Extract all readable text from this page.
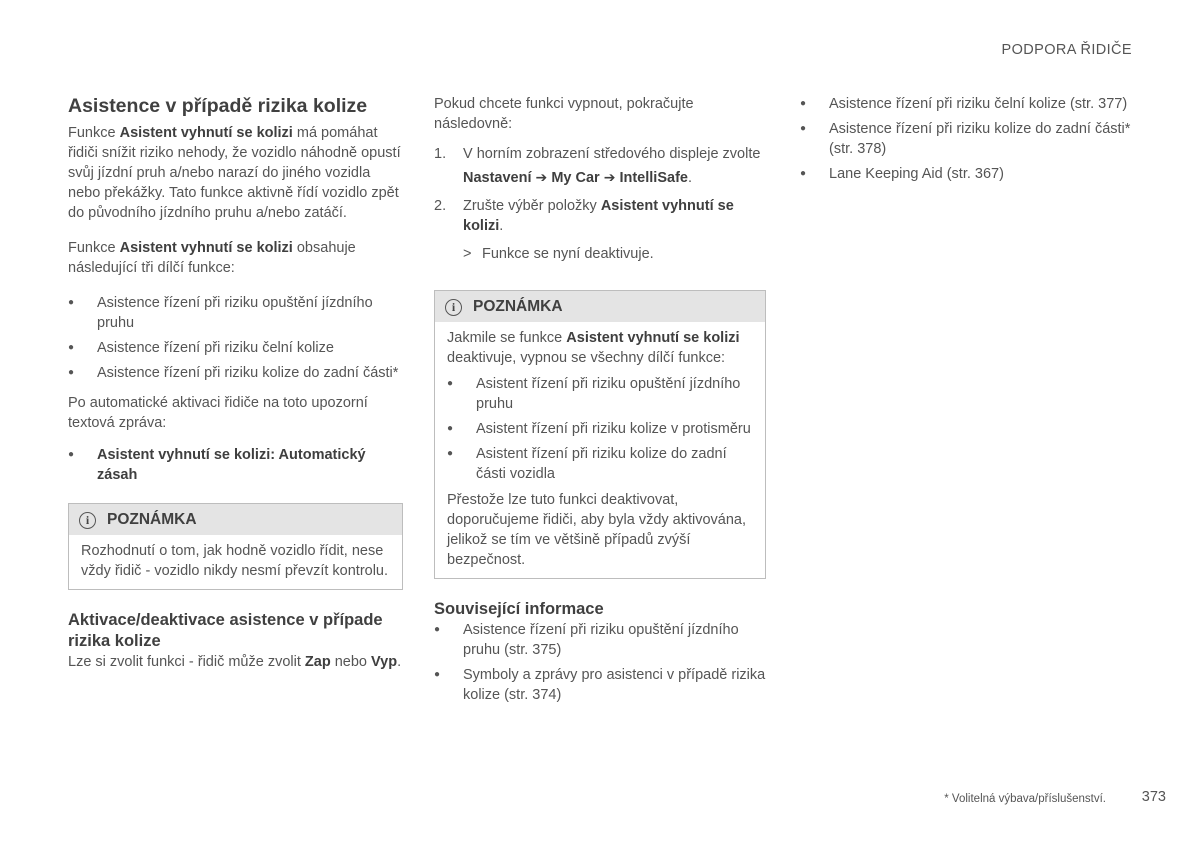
PODPORA ŘIDIČE
Asistence v případě rizika kolize

Funkce Asistent vyhnutí se kolizi má pomáhat řidiči snížit riziko nehody, že vozidlo náhodně opustí svůj jízdní pruh a/nebo narazí do jiného vozidla nebo překážky. Tato funkce aktivně řídí vozidlo zpět do původního jízdního pruhu a/nebo zatáčí.

Funkce Asistent vyhnutí se kolizi obsahuje následující tři dílčí funkce:

● Asistence řízení při riziku opuštění jízdního pruhu
● Asistence řízení při riziku čelní kolize
● Asistence řízení při riziku kolize do zadní části*

Po automatické aktivaci řidiče na toto upozorní textová zpráva:

● Asistent vyhnutí se kolizi: Automatický zásah
i	POZNÁMKA

Rozhodnutí o tom, jak hodně vozidlo řídit, nese vždy řidič - vozidlo nikdy nesmí převzít kontrolu.

Aktivace/deaktivace asistence v případe rizika kolize

Lze si zvolit funkci - řidič může zvolit Zap nebo Vyp.

Pokud chcete funkci vypnout, pokračujte následovně:

1. V horním zobrazení středového displeje zvolte
Nastavení ➔ My Car ➔ IntelliSafe.
2. Zrušte výběr položky Asistent vyhnutí se kolizi.
> Funkce se nyní deaktivuje.
i	POZNÁMKA

Jakmile se funkce Asistent vyhnutí se kolizi deaktivuje, vypnou se všechny dílčí funkce:

● Asistent řízení při riziku opuštění jízdního pruhu
● Asistent řízení při riziku kolize v protisměru
● Asistent řízení při riziku kolize do zadní části vozidla

Přestože lze tuto funkci deaktivovat, doporučujeme řidiči, aby byla vždy aktivována, jelikož se tím ve většině případů zvýší bezpečnost.

Související informace
● Asistence řízení při riziku opuštění jízdního pruhu (str. 375)
● Symboly a zprávy pro asistenci v případě rizika kolize (str. 374)
● Asistence řízení při riziku čelní kolize (str. 377)
● Asistence řízení při riziku kolize do zadní části* (str. 378)
● Lane Keeping Aid (str. 367)
* Volitelná výbava/příslušenství. 373
